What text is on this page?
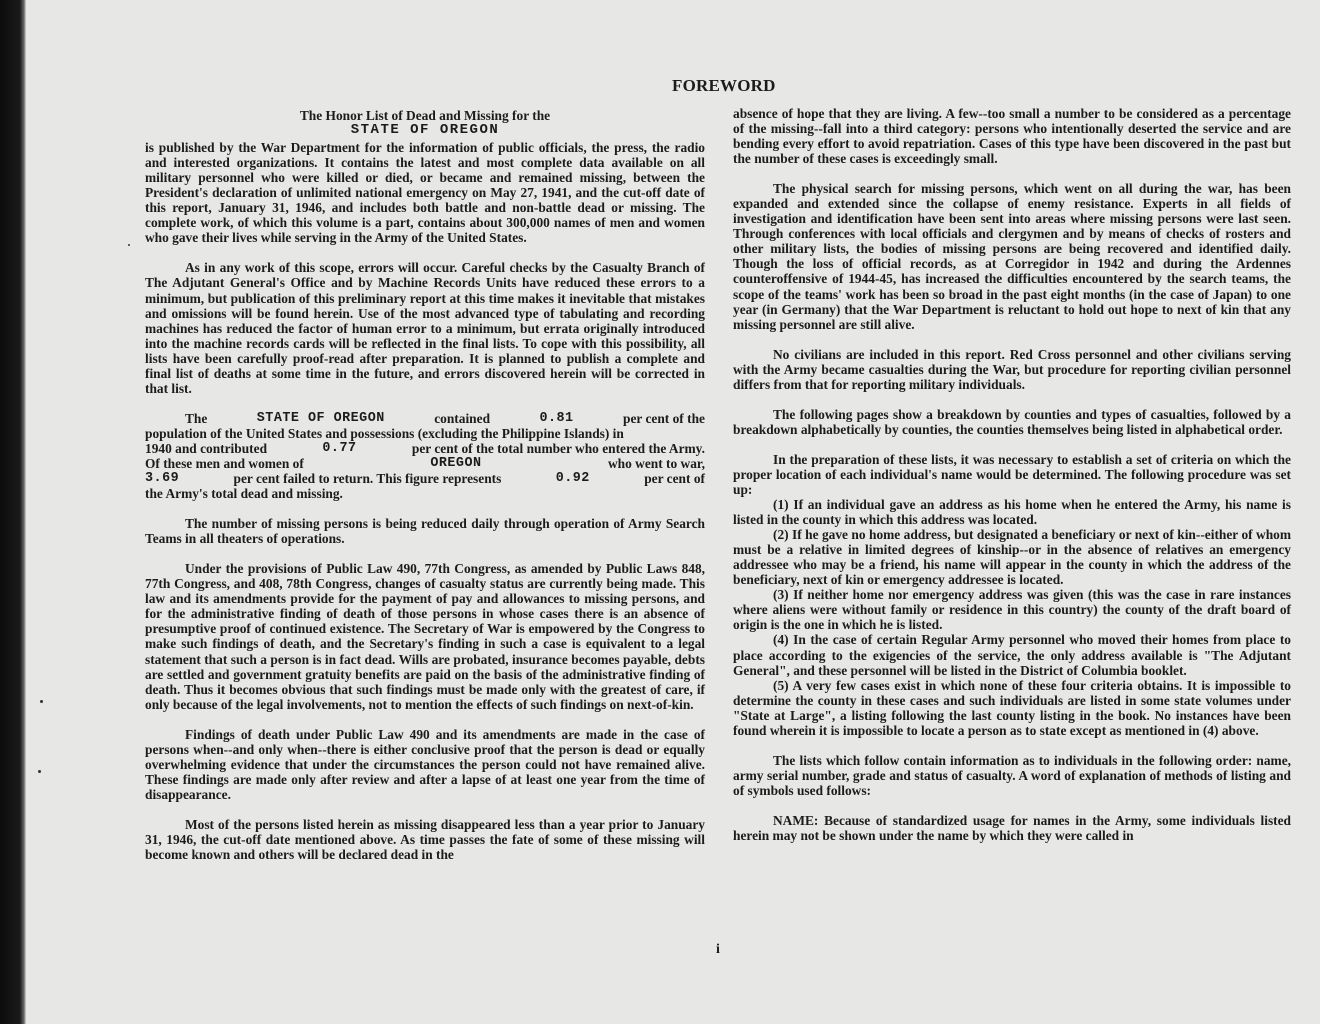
FOREWORD

The Honor List of Dead and Missing for the

STATE OF OREGON

is published by the War Department for the information of public officials, the press, the radio and interested organizations. It contains the latest and most complete data available on all military personnel who were killed or died, or became and remained missing, between the President's declaration of unlimited national emergency on May 27, 1941, and the cut-off date of this report, January 31, 1946, and includes both battle and non-battle dead or missing. The complete work, of which this volume is a part, contains about 300,000 names of men and women who gave their lives while serving in the Army of the United States.

As in any work of this scope, errors will occur. Careful checks by the Casualty Branch of The Adjutant General's Office and by Machine Records Units have reduced these errors to a minimum, but publication of this preliminary report at this time makes it inevitable that mistakes and omissions will be found herein. Use of the most advanced type of tabulating and recording machines has reduced the factor of human error to a minimum, but errata originally introduced into the machine records cards will be reflected in the final lists. To cope with this possibility, all lists have been carefully proof-read after preparation. It is planned to publish a complete and final list of deaths at some time in the future, and errors discovered herein will be corrected in that list.

The	STATE OF OREGON	contained	0.81	per cent of the
population of the United States and possessions (excluding the Philippine Islands) in
1940 and contributed	0.77	per cent of the total number who entered the Army.
Of these men and women of	OREGON	who went to war,
3.69	per cent failed to return. This figure represents	0.92	per cent of
the Army's total dead and missing.

The number of missing persons is being reduced daily through operation of Army Search Teams in all theaters of operations.

Under the provisions of Public Law 490, 77th Congress, as amended by Public Laws 848, 77th Congress, and 408, 78th Congress, changes of casualty status are currently being made. This law and its amendments provide for the payment of pay and allowances to missing persons, and for the administrative finding of death of those persons in whose cases there is an absence of presumptive proof of continued existence. The Secretary of War is empowered by the Congress to make such findings of death, and the Secretary's finding in such a case is equivalent to a legal statement that such a person is in fact dead. Wills are probated, insurance becomes payable, debts are settled and government gratuity benefits are paid on the basis of the administrative finding of death. Thus it becomes obvious that such findings must be made only with the greatest of care, if only because of the legal involvements, not to mention the effects of such findings on next-of-kin.

Findings of death under Public Law 490 and its amendments are made in the case of persons when--and only when--there is either conclusive proof that the person is dead or equally overwhelming evidence that under the circumstances the person could not have remained alive. These findings are made only after review and after a lapse of at least one year from the time of disappearance.

Most of the persons listed herein as missing disappeared less than a year prior to January 31, 1946, the cut-off date mentioned above. As time passes the fate of some of these missing will become known and others will be declared dead in the

absence of hope that they are living. A few--too small a number to be considered as a percentage of the missing--fall into a third category: persons who intentionally deserted the service and are bending every effort to avoid repatriation. Cases of this type have been discovered in the past but the number of these cases is exceedingly small.

The physical search for missing persons, which went on all during the war, has been expanded and extended since the collapse of enemy resistance. Experts in all fields of investigation and identification have been sent into areas where missing persons were last seen. Through conferences with local officials and clergymen and by means of checks of rosters and other military lists, the bodies of missing persons are being recovered and identified daily. Though the loss of official records, as at Corregidor in 1942 and during the Ardennes counteroffensive of 1944-45, has increased the difficulties encountered by the search teams, the scope of the teams' work has been so broad in the past eight months (in the case of Japan) to one year (in Germany) that the War Department is reluctant to hold out hope to next of kin that any missing personnel are still alive.

No civilians are included in this report. Red Cross personnel and other civilians serving with the Army became casualties during the War, but procedure for reporting civilian personnel differs from that for reporting military individuals.

The following pages show a breakdown by counties and types of casualties, followed by a breakdown alphabetically by counties, the counties themselves being listed in alphabetical order.

In the preparation of these lists, it was necessary to establish a set of criteria on which the proper location of each individual's name would be determined. The following procedure was set up:

(1) If an individual gave an address as his home when he entered the Army, his name is listed in the county in which this address was located.

(2) If he gave no home address, but designated a beneficiary or next of kin--either of whom must be a relative in limited degrees of kinship--or in the absence of relatives an emergency addressee who may be a friend, his name will appear in the county in which the address of the beneficiary, next of kin or emergency addressee is located.

(3) If neither home nor emergency address was given (this was the case in rare instances where aliens were without family or residence in this country) the county of the draft board of origin is the one in which he is listed.

(4) In the case of certain Regular Army personnel who moved their homes from place to place according to the exigencies of the service, the only address available is "The Adjutant General", and these personnel will be listed in the District of Columbia booklet.

(5) A very few cases exist in which none of these four criteria obtains. It is impossible to determine the county in these cases and such individuals are listed in some state volumes under "State at Large", a listing following the last county listing in the book. No instances have been found wherein it is impossible to locate a person as to state except as mentioned in (4) above.

The lists which follow contain information as to individuals in the following order: name, army serial number, grade and status of casualty. A word of explanation of methods of listing and of symbols used follows:

NAME: Because of standardized usage for names in the Army, some individuals listed herein may not be shown under the name by which they were called in

i
